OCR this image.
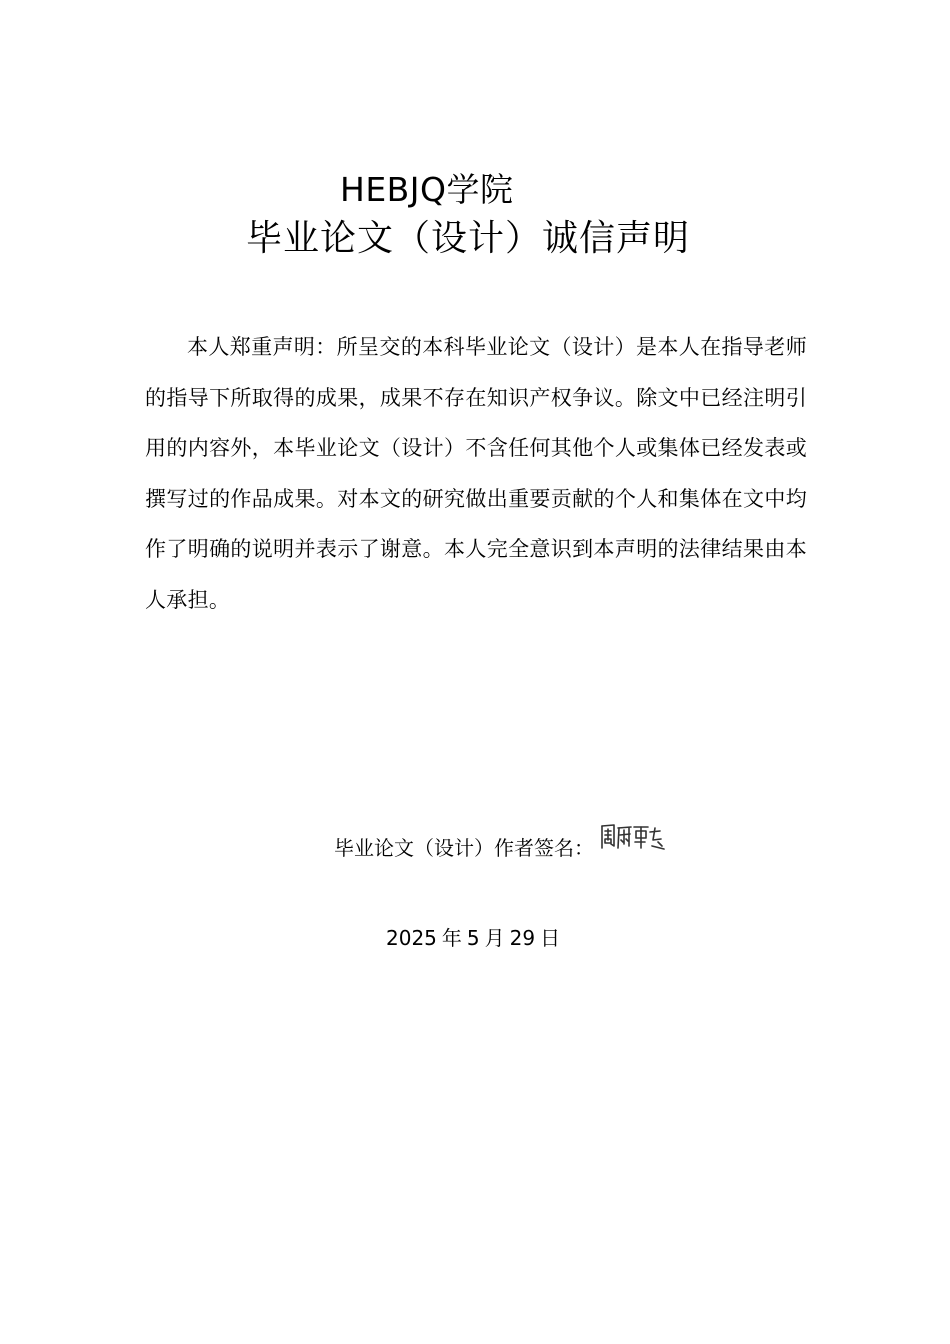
HEBJQ学院
毕业论文（设计）诚信声明

本人郑重声明：所呈交的本科毕业论文（设计）是本人在指导老师的指导下所取得的成果，成果不存在知识产权争议。除文中已经注明引用的内容外，本毕业论文（设计）不含任何其他个人或集体已经发表或撰写过的作品成果。对本文的研究做出重要贡献的个人和集体在文中均作了明确的说明并表示了谢意。本人完全意识到本声明的法律结果由本人承担。

毕业论文（设计）作者签名：
2025 年 5 月 29 日
